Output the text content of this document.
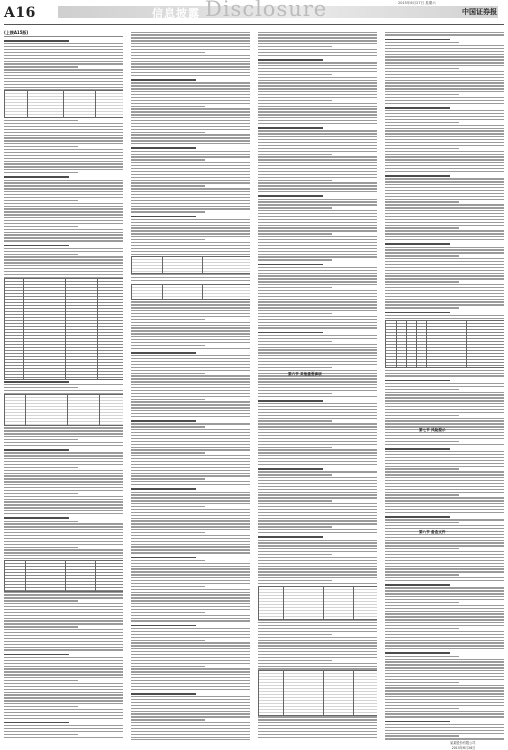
A16	信息披露 Disclosure	2015年6月27日 星期六
中国证券报
(上接A15版)
第六节 其他重要事项
第七节 风险提示
第八节 备查文件
某某股份有限公司
2015年6月26日
